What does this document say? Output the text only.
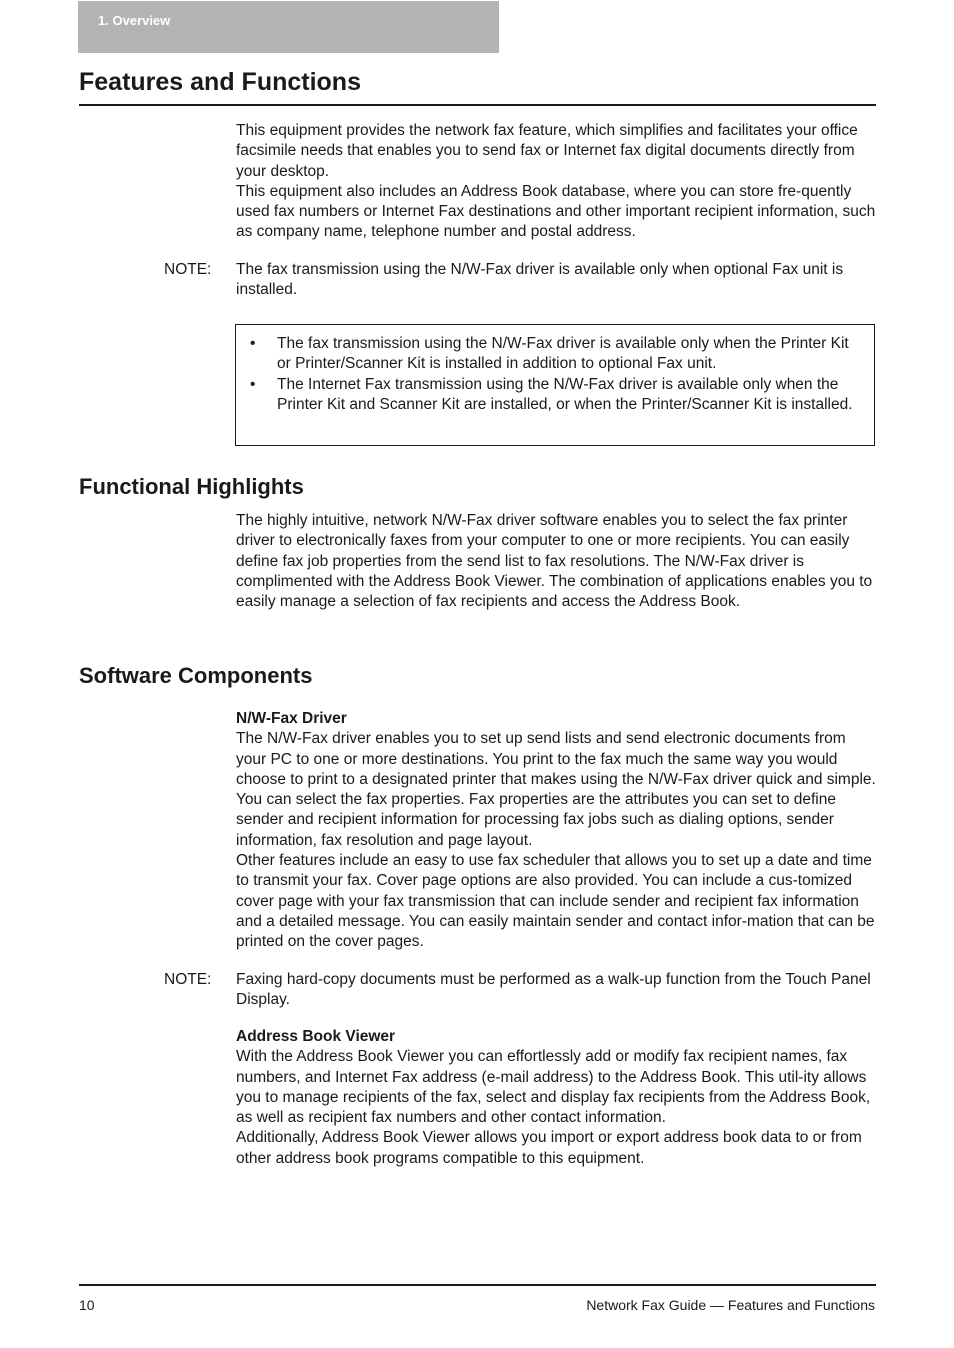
1. Overview
Features and Functions

This equipment provides the network fax feature, which simplifies and facilitates your office facsimile needs that enables you to send fax or Internet fax digital documents directly from your desktop.

This equipment also includes an Address Book database, where you can store fre-quently used fax numbers or Internet Fax destinations and other important recipient information, such as company name, telephone number and postal address.

NOTE: The fax transmission using the N/W-Fax driver is available only when optional Fax unit is installed.
• The fax transmission using the N/W-Fax driver is available only when the Printer Kit or Printer/Scanner Kit is installed in addition to optional Fax unit.
• The Internet Fax transmission using the N/W-Fax driver is available only when the Printer Kit and Scanner Kit are installed, or when the Printer/Scanner Kit is installed.
Functional Highlights
The highly intuitive, network N/W-Fax driver software enables you to select the fax printer driver to electronically faxes from your computer to one or more recipients. You can easily define fax job properties from the send list to fax resolutions. The N/W-Fax driver is complimented with the Address Book Viewer. The combination of applications enables you to easily manage a selection of fax recipients and access the Address Book.
Software Components

N/W-Fax Driver

The N/W-Fax driver enables you to set up send lists and send electronic documents from your PC to one or more destinations. You print to the fax much the same way you would choose to print to a designated printer that makes using the N/W-Fax driver quick and simple. You can select the fax properties. Fax properties are the attributes you can set to define sender and recipient information for processing fax jobs such as dialing options, sender information, fax resolution and page layout.

Other features include an easy to use fax scheduler that allows you to set up a date and time to transmit your fax. Cover page options are also provided. You can include a cus-tomized cover page with your fax transmission that can include sender and recipient fax information and a detailed message. You can easily maintain sender and contact infor-mation that can be printed on the cover pages.

NOTE: Faxing hard-copy documents must be performed as a walk-up function from the Touch Panel Display.

Address Book Viewer

With the Address Book Viewer you can effortlessly add or modify fax recipient names, fax numbers, and Internet Fax address (e-mail address) to the Address Book. This util-ity allows you to manage recipients of the fax, select and display fax recipients from the Address Book, as well as recipient fax numbers and other contact information.

Additionally, Address Book Viewer allows you import or export address book data to or from other address book programs compatible to this equipment.

10	Network Fax Guide — Features and Functions
